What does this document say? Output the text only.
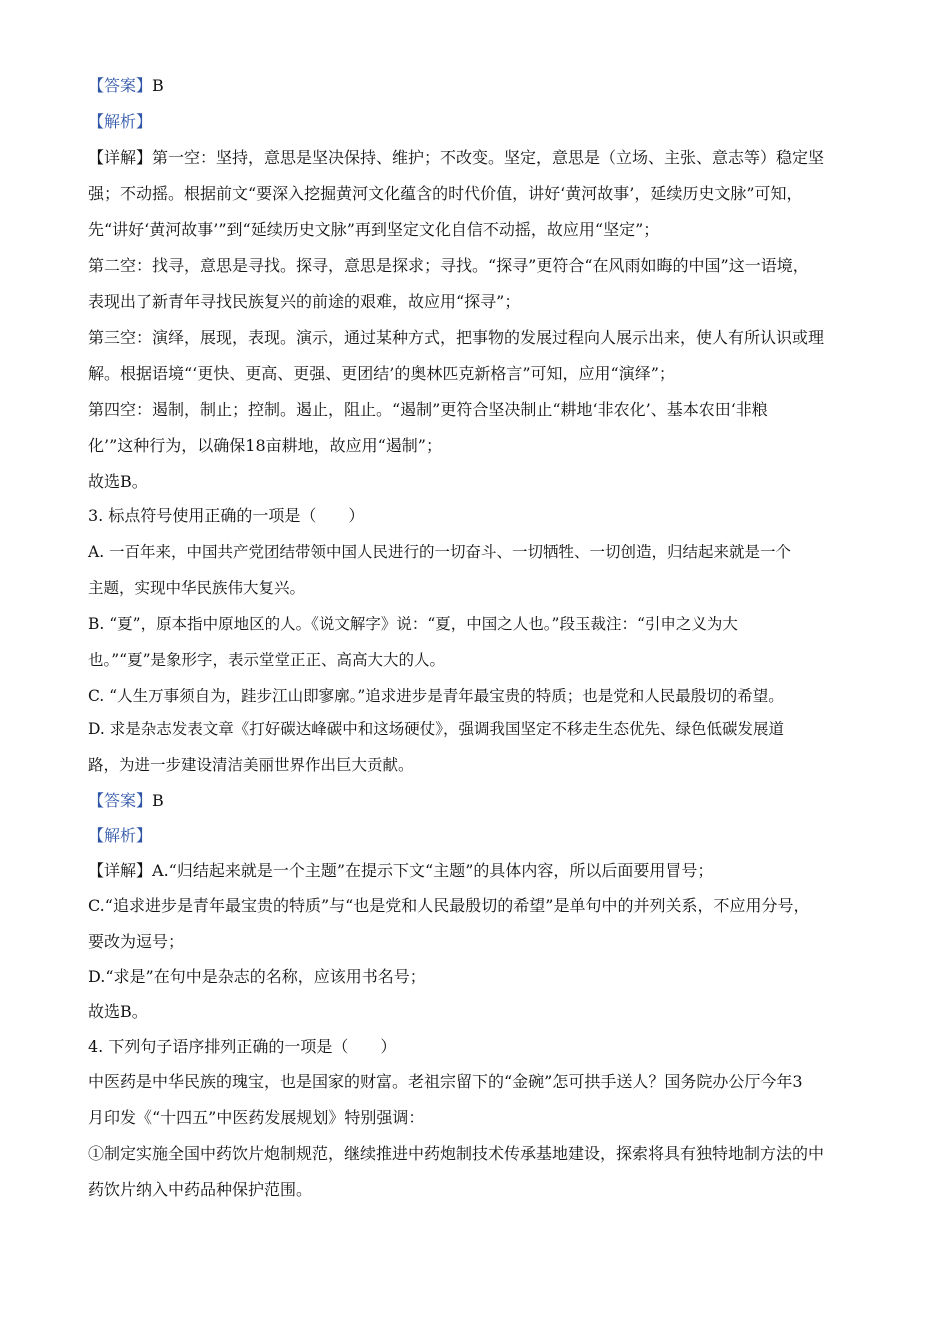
【答案】B
【解析】
【详解】第一空：坚持，意思是坚决保持、维护；不改变。坚定，意思是（立场、主张、意志等）稳定坚
强；不动摇。根据前文“要深入挖掘黄河文化蕴含的时代价值，讲好‘黄河故事’，延续历史文脉”可知，
先“讲好‘黄河故事’”到“延续历史文脉”再到坚定文化自信不动摇，故应用“坚定”；
第二空：找寻，意思是寻找。探寻，意思是探求；寻找。“探寻”更符合“在风雨如晦的中国”这一语境，
表现出了新青年寻找民族复兴的前途的艰难，故应用“探寻”；
第三空：演绎，展现，表现。演示，通过某种方式，把事物的发展过程向人展示出来，使人有所认识或理
解。根据语境“‘更快、更高、更强、更团结’的奥林匹克新格言”可知，应用“演绎”；
第四空：遏制，制止；控制。遏止，阻止。“遏制”更符合坚决制止“耕地‘非农化’、基本农田‘非粮
化’”这种行为，以确保18亩耕地，故应用“遏制”；
故选B。
3. 标点符号使用正确的一项是（　　）
A. 一百年来，中国共产党团结带领中国人民进行的一切奋斗、一切牺牲、一切创造，归结起来就是一个
主题，实现中华民族伟大复兴。
B. “夏”，原本指中原地区的人。《说文解字》说：“夏，中国之人也。”段玉裁注：“引申之义为大
也。”“夏”是象形字，表示堂堂正正、高高大大的人。
C. “人生万事须自为，跬步江山即寥廓。”追求进步是青年最宝贵的特质；也是党和人民最殷切的希望。
D. 求是杂志发表文章《打好碳达峰碳中和这场硬仗》，强调我国坚定不移走生态优先、绿色低碳发展道
路，为进一步建设清洁美丽世界作出巨大贡献。
【答案】B
【解析】
【详解】A.“归结起来就是一个主题”在提示下文“主题”的具体内容，所以后面要用冒号；
C.“追求进步是青年最宝贵的特质”与“也是党和人民最殷切的希望”是单句中的并列关系，不应用分号，
要改为逗号；
D.“求是”在句中是杂志的名称，应该用书名号；
故选B。
4. 下列句子语序排列正确的一项是（　　）
中医药是中华民族的瑰宝，也是国家的财富。老祖宗留下的“金碗”怎可拱手送人？国务院办公厅今年3
月印发《“十四五”中医药发展规划》特别强调：
①制定实施全国中药饮片炮制规范，继续推进中药炮制技术传承基地建设，探索将具有独特地制方法的中
药饮片纳入中药品种保护范围。
